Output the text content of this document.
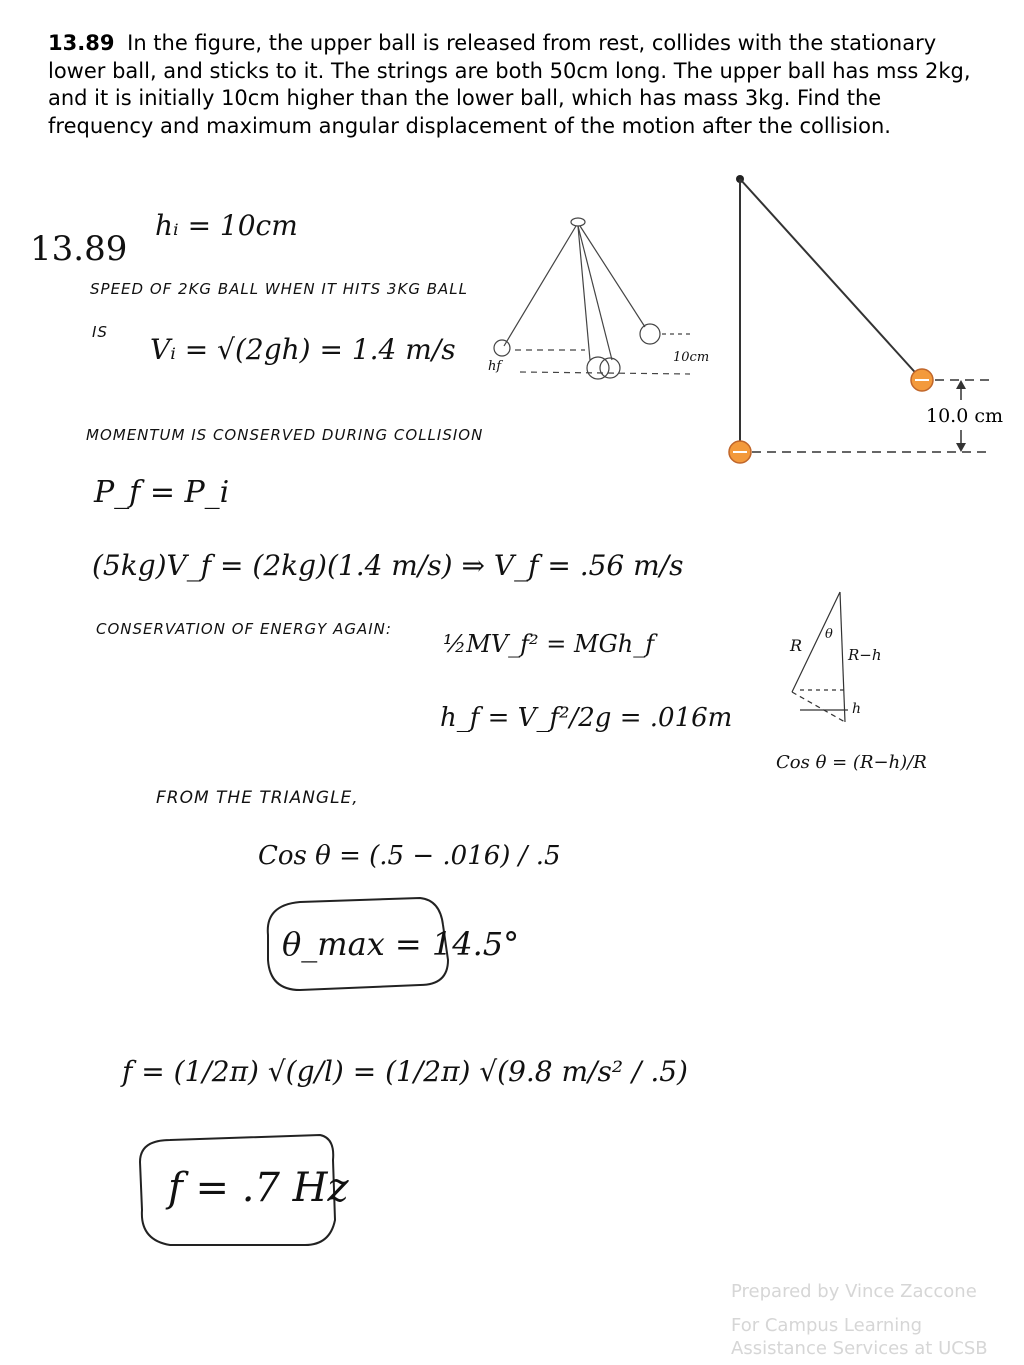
13.89 In the figure, the upper ball is released from rest, collides with the stationary lower ball, and sticks to it. The strings are both 50cm long. The upper ball has mss 2kg, and it is initially 10cm higher than the lower ball, which has mass 3kg. Find the frequency and maximum angular displacement of the motion after the collision.

10.0 cm
10cm
hf
13.89
hᵢ = 10cm
SPEED OF 2KG BALL WHEN IT HITS 3KG BALL
IS
Vᵢ = √(2gh) = 1.4 m/s
MOMENTUM IS CONSERVED DURING COLLISION
P_f = P_i
(5kg)V_f = (2kg)(1.4 m/s) ⇒ V_f = .56 m/s
CONSERVATION OF ENERGY AGAIN:
½MV_f² = MGh_f
h_f = V_f²/2g = .016m
FROM THE TRIANGLE,
Cos θ = (.5 − .016) / .5
θ_max = 14.5°
f = (1/2π) √(g/l) = (1/2π) √(9.8 m/s² / .5)
f = .7 Hz
R
θ
R−h
h
Cos θ = (R−h)/R
Prepared by Vince Zaccone
For Campus Learning
Assistance Services at UCSB
